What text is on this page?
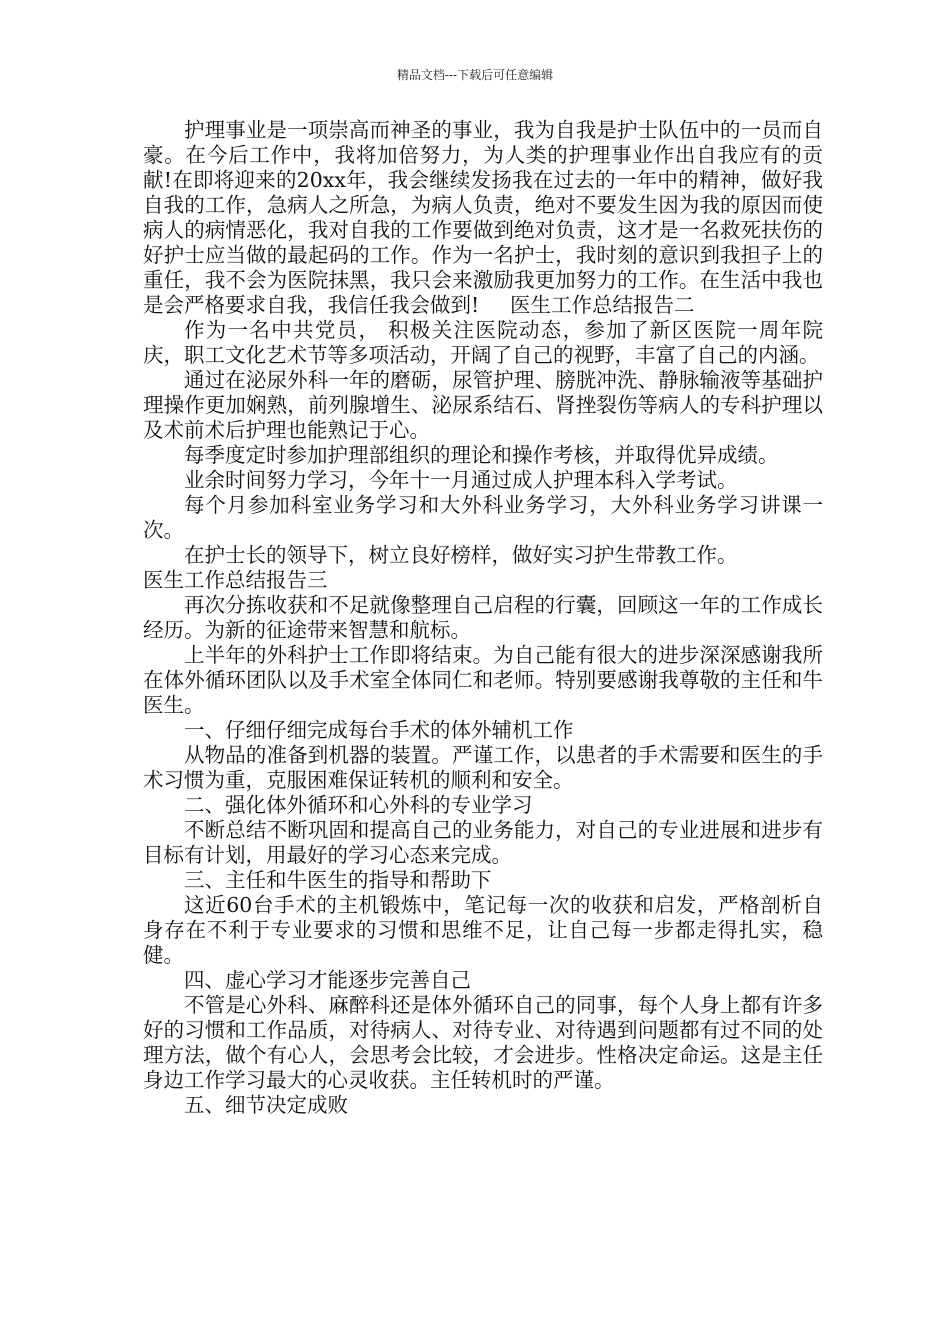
精品文档---下载后可任意编辑

护理事业是一项崇高而神圣的事业，我为自我是护士队伍中的一员而自豪。在今后工作中，我将加倍努力，为人类的护理事业作出自我应有的贡献!在即将迎来的20xx年，我会继续发扬我在过去的一年中的精神，做好我自我的工作，急病人之所急，为病人负责，绝对不要发生因为我的原因而使病人的病情恶化，我对自我的工作要做到绝对负责，这才是一名救死扶伤的好护士应当做的最起码的工作。作为一名护士，我时刻的意识到我担子上的重任，我不会为医院抹黑，我只会来激励我更加努力的工作。在生活中我也是会严格要求自我，我信任我会做到! 医生工作总结报告二

作为一名中共党员， 积极关注医院动态，参加了新区医院一周年院庆，职工文化艺术节等多项活动，开阔了自己的视野，丰富了自己的内涵。

通过在泌尿外科一年的磨砺，尿管护理、膀胱冲洗、静脉输液等基础护理操作更加娴熟，前列腺增生、泌尿系结石、肾挫裂伤等病人的专科护理以及术前术后护理也能熟记于心。

每季度定时参加护理部组织的理论和操作考核，并取得优异成绩。

业余时间努力学习，今年十一月通过成人护理本科入学考试。

每个月参加科室业务学习和大外科业务学习，大外科业务学习讲课一次。

在护士长的领导下，树立良好榜样，做好实习护生带教工作。

医生工作总结报告三

再次分拣收获和不足就像整理自己启程的行囊，回顾这一年的工作成长经历。为新的征途带来智慧和航标。

上半年的外科护士工作即将结束。为自己能有很大的进步深深感谢我所在体外循环团队以及手术室全体同仁和老师。特别要感谢我尊敬的主任和牛医生。

一、仔细仔细完成每台手术的体外辅机工作

从物品的准备到机器的装置。严谨工作，以患者的手术需要和医生的手术习惯为重，克服困难保证转机的顺利和安全。

二、强化体外循环和心外科的专业学习

不断总结不断巩固和提高自己的业务能力，对自己的专业进展和进步有目标有计划，用最好的学习心态来完成。

三、主任和牛医生的指导和帮助下

这近60台手术的主机锻炼中，笔记每一次的收获和启发，严格剖析自身存在不利于专业要求的习惯和思维不足，让自己每一步都走得扎实，稳健。

四、虚心学习才能逐步完善自己

不管是心外科、麻醉科还是体外循环自己的同事，每个人身上都有许多好的习惯和工作品质，对待病人、对待专业、对待遇到问题都有过不同的处理方法，做个有心人，会思考会比较，才会进步。性格决定命运。这是主任身边工作学习最大的心灵收获。主任转机时的严谨。

五、细节决定成败
